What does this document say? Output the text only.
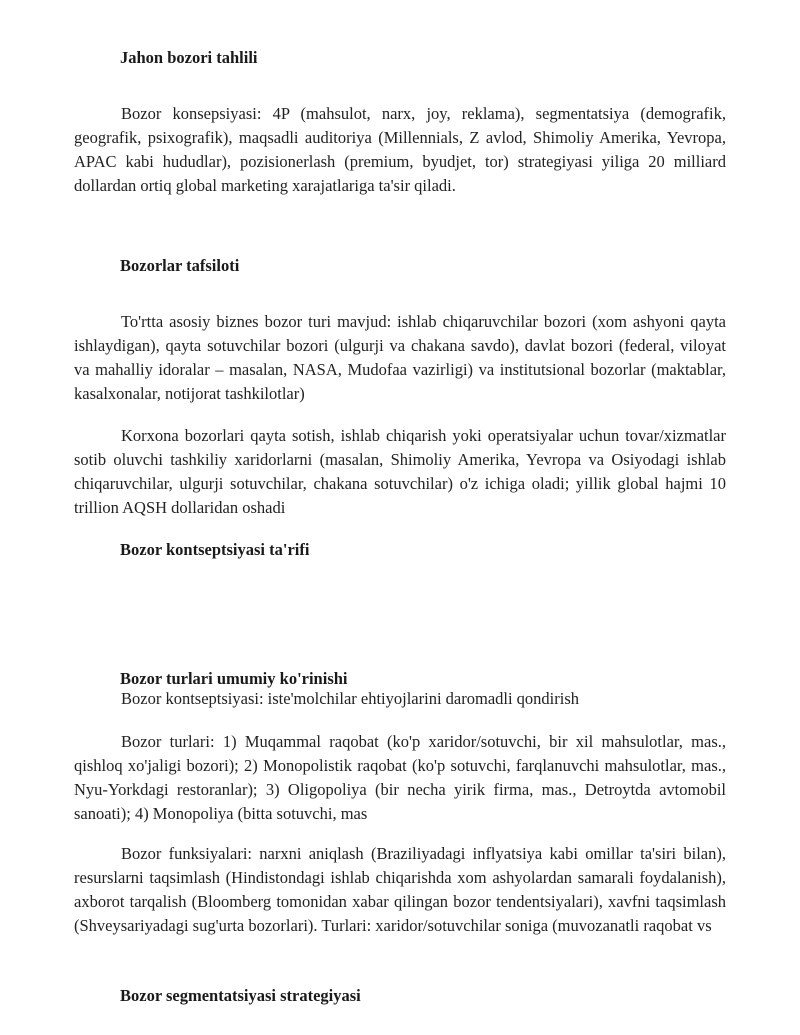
Jahon bozori tahlili

Bozor konsepsiyasi: 4P (mahsulot, narx, joy, reklama), segmentatsiya (demografik, geografik, psixografik), maqsadli auditoriya (Millennials, Z avlod, Shimoliy Amerika, Yevropa, APAC kabi hududlar), pozisionerlash (premium, byudjet, tor) strategiyasi yiliga 20 milliard dollardan ortiq global marketing xarajatlariga ta'sir qiladi.

Bozorlar tafsiloti

To'rtta asosiy biznes bozor turi mavjud: ishlab chiqaruvchilar bozori (xom ashyoni qayta ishlaydigan), qayta sotuvchilar bozori (ulgurji va chakana savdo), davlat bozori (federal, viloyat va mahalliy idoralar – masalan, NASA, Mudofaa vazirligi) va institutsional bozorlar (maktablar, kasalxonalar, notijorat tashkilotlar)

Korxona bozorlari qayta sotish, ishlab chiqarish yoki operatsiyalar uchun tovar/xizmatlar sotib oluvchi tashkiliy xaridorlarni (masalan, Shimoliy Amerika, Yevropa va Osiyodagi ishlab chiqaruvchilar, ulgurji sotuvchilar, chakana sotuvchilar) o'z ichiga oladi; yillik global hajmi 10 trillion AQSH dollaridan oshadi

Bozor kontseptsiyasi ta'rifi
Bozor turlari umumiy ko'rinishi

Bozor kontseptsiyasi: iste'molchilar ehtiyojlarini daromadli qondirish

Bozor turlari: 1) Muqammal raqobat (ko'p xaridor/sotuvchi, bir xil mahsulotlar, mas., qishloq xo'jaligi bozori); 2) Monopolistik raqobat (ko'p sotuvchi, farqlanuvchi mahsulotlar, mas., Nyu-Yorkdagi restoranlar); 3) Oligopoliya (bir necha yirik firma, mas., Detroytda avtomobil sanoati); 4) Monopoliya (bitta sotuvchi, mas

Bozor funksiyalari: narxni aniqlash (Braziliyadagi inflyatsiya kabi omillar ta'siri bilan), resurslarni taqsimlash (Hindistondagi ishlab chiqarishda xom ashyolardan samarali foydalanish), axborot tarqalish (Bloomberg tomonidan xabar qilingan bozor tendentsiyalari), xavfni taqsimlash (Shveysariyadagi sug'urta bozorlari). Turlari: xaridor/sotuvchilar soniga (muvozanatli raqobat vs

Bozor segmentatsiyasi strategiyasi
